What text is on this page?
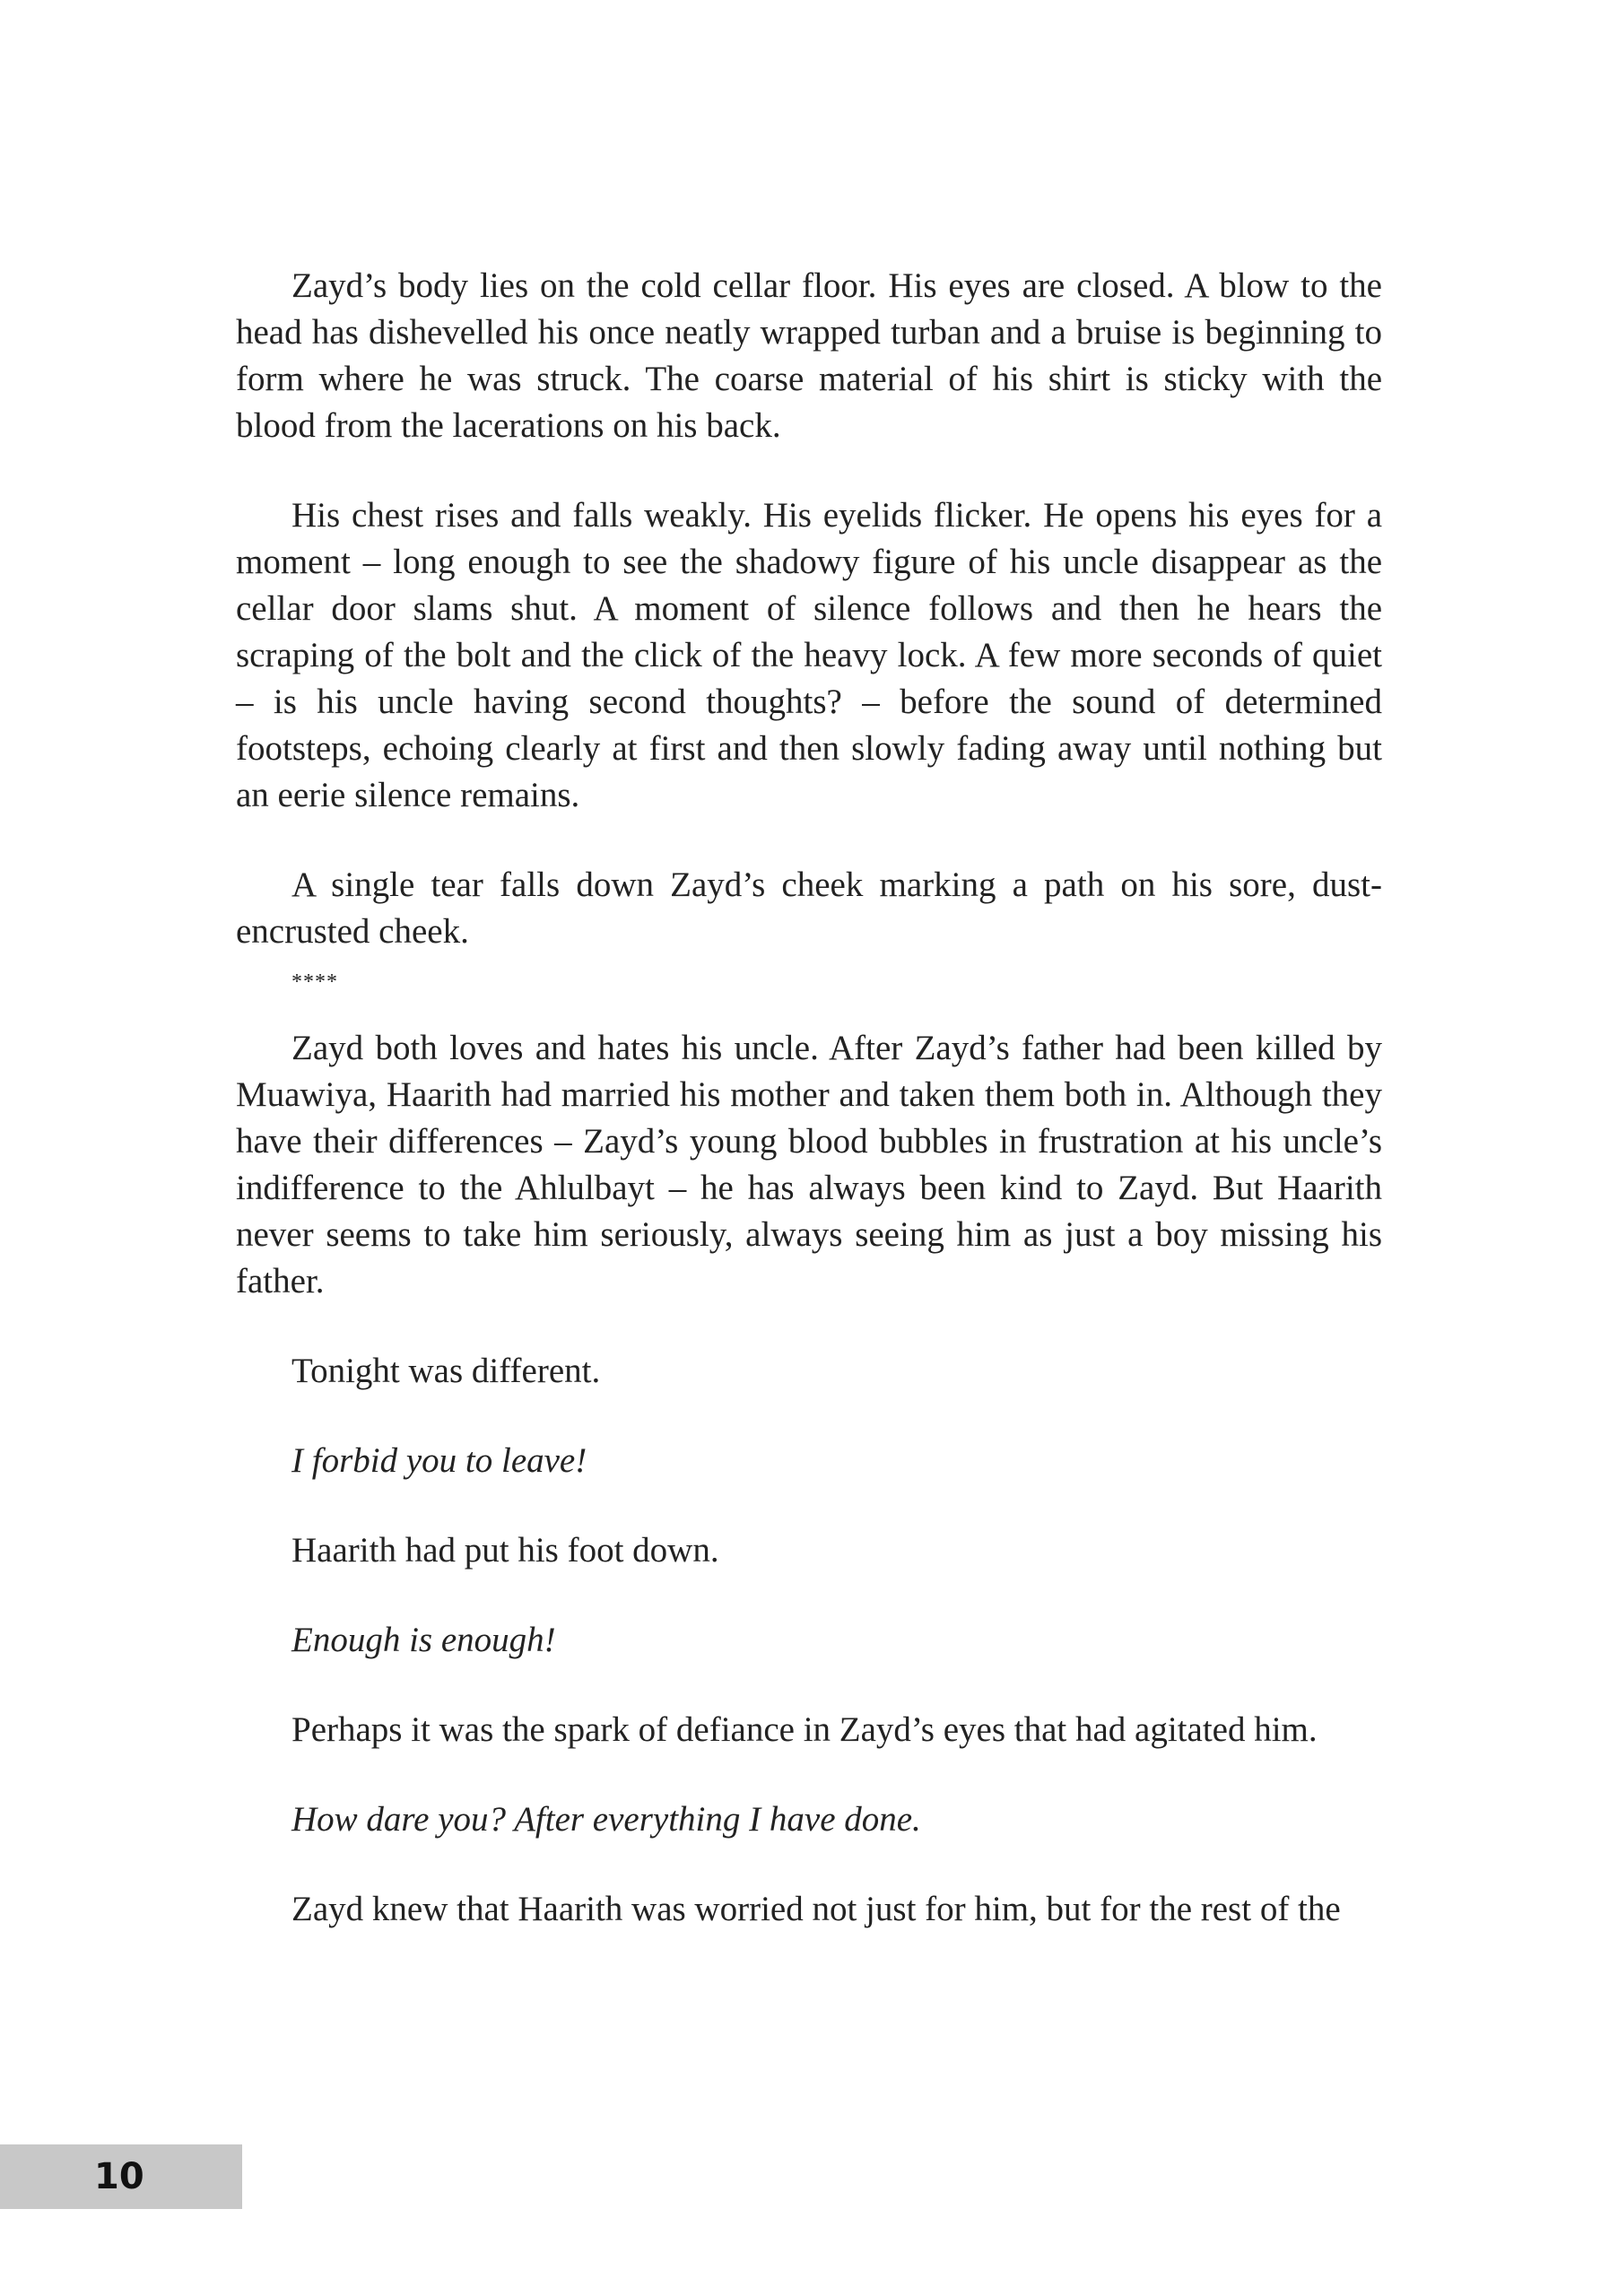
Zayd’s body lies on the cold cellar floor. His eyes are closed. A blow to the head has dishevelled his once neatly wrapped turban and a bruise is beginning to form where he was struck. The coarse material of his shirt is sticky with the blood from the lacerations on his back.

His chest rises and falls weakly. His eyelids flicker. He opens his eyes for a moment – long enough to see the shadowy figure of his uncle disappear as the cellar door slams shut. A moment of silence follows and then he hears the scraping of the bolt and the click of the heavy lock. A few more seconds of quiet – is his uncle having second thoughts? – before the sound of determined footsteps, echoing clearly at first and then slowly fading away until nothing but an eerie silence remains.

A single tear falls down Zayd’s cheek marking a path on his sore, dust-encrusted cheek.

****

Zayd both loves and hates his uncle. After Zayd’s father had been killed by Muawiya, Haarith had married his mother and taken them both in. Although they have their differences – Zayd’s young blood bubbles in frustration at his uncle’s indifference to the Ahlulbayt – he has always been kind to Zayd. But Haarith never seems to take him seriously, always seeing him as just a boy missing his father.

Tonight was different.

I forbid you to leave!

Haarith had put his foot down.

Enough is enough!

Perhaps it was the spark of defiance in Zayd’s eyes that had agitated him.

How dare you? After everything I have done.

Zayd knew that Haarith was worried not just for him, but for the rest of the

10
